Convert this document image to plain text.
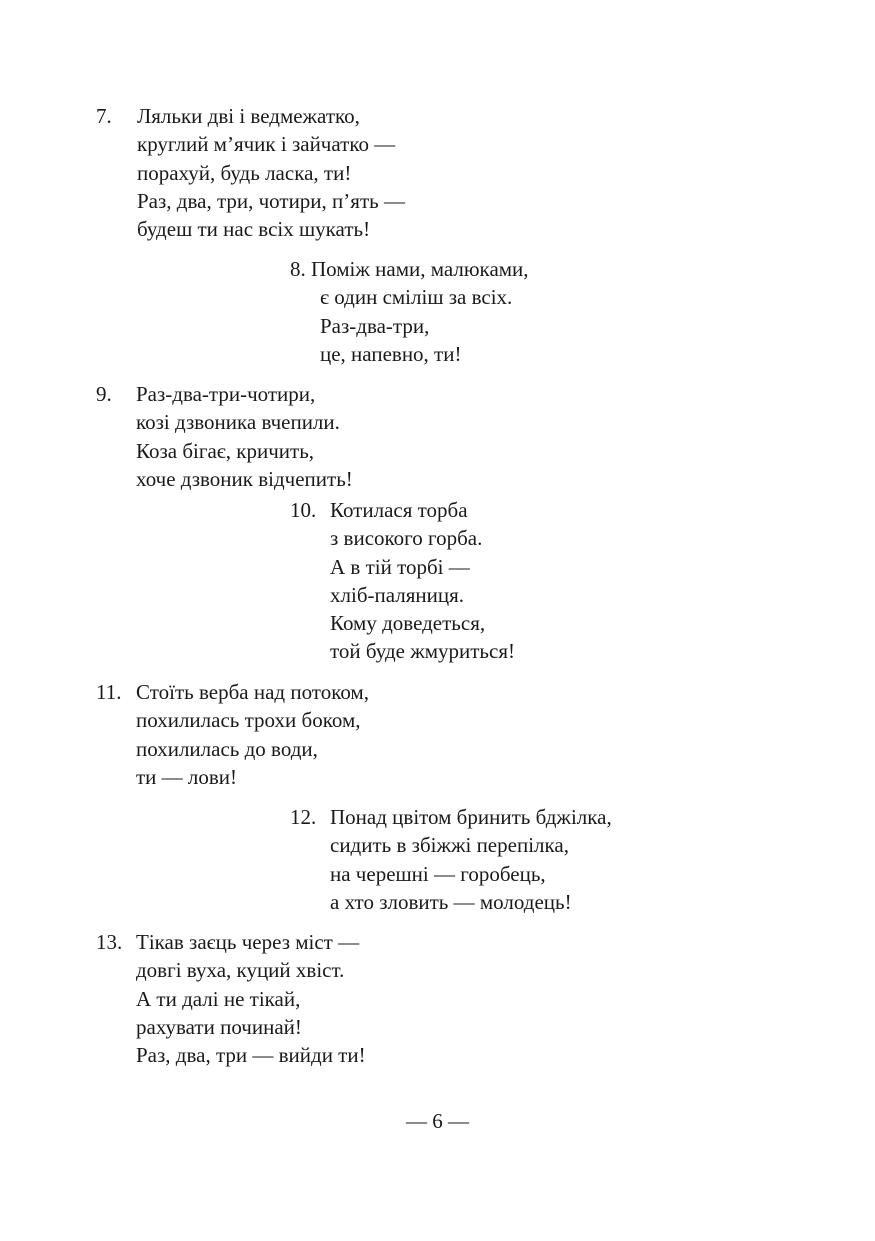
7. Ляльки дві і ведмежатко,
круглий м’ячик і зайчатко —
порахуй, будь ласка, ти!
Раз, два, три, чотири, п’ять —
будеш ти нас всіх шукать!
8. Поміж нами, малюками,
є один сміліш за всіх.
Раз-два-три,
це, напевно, ти!
9. Раз-два-три-чотири,
козі дзвоника вчепили.
Коза бігає, кричить,
хоче дзвоник відчепить!
10. Котилася торба
з високого горба.
А в тій торбі —
хліб-паляниця.
Кому доведеться,
той буде жмуриться!
11. Стоїть верба над потоком,
похилилась трохи боком,
похилилась до води,
ти — лови!
12. Понад цвітом бринить бджілка,
сидить в збіжжі перепілка,
на черешні — горобець,
а хто зловить — молодець!
13. Тікав заєць через міст —
довгі вуха, куций хвіст.
А ти далі не тікай,
рахувати починай!
Раз, два, три — вийди ти!
— 6 —
